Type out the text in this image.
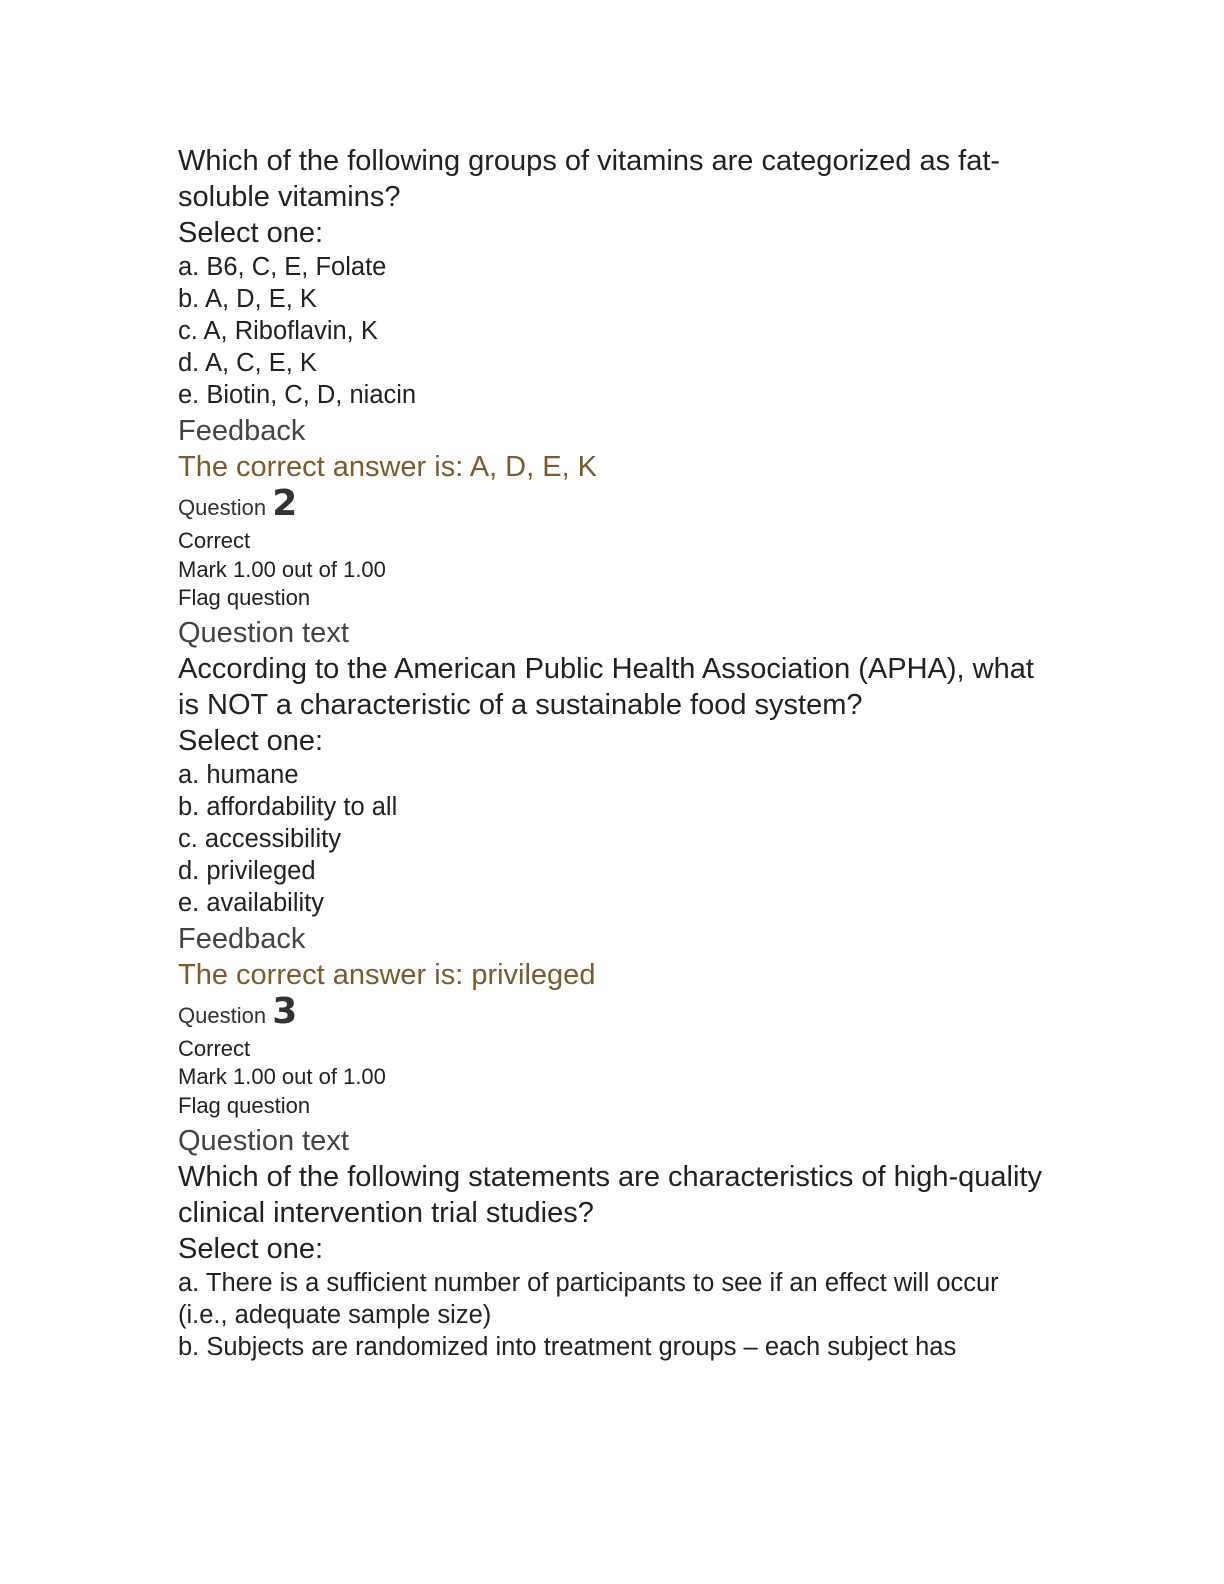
Which of the following groups of vitamins are categorized as fat-soluble vitamins?
Select one:
a. B6, C, E, Folate
b. A, D, E, K
c. A, Riboflavin, K
d. A, C, E, K
e. Biotin, C, D, niacin
Feedback
The correct answer is: A, D, E, K
Question 2
Correct
Mark 1.00 out of 1.00
Flag question
Question text
According to the American Public Health Association (APHA), what is NOT a characteristic of a sustainable food system?
Select one:
a. humane
b. affordability to all
c. accessibility
d. privileged
e. availability
Feedback
The correct answer is: privileged
Question 3
Correct
Mark 1.00 out of 1.00
Flag question
Question text
Which of the following statements are characteristics of high-quality clinical intervention trial studies?
Select one:
a. There is a sufficient number of participants to see if an effect will occur (i.e., adequate sample size)
b. Subjects are randomized into treatment groups – each subject has
